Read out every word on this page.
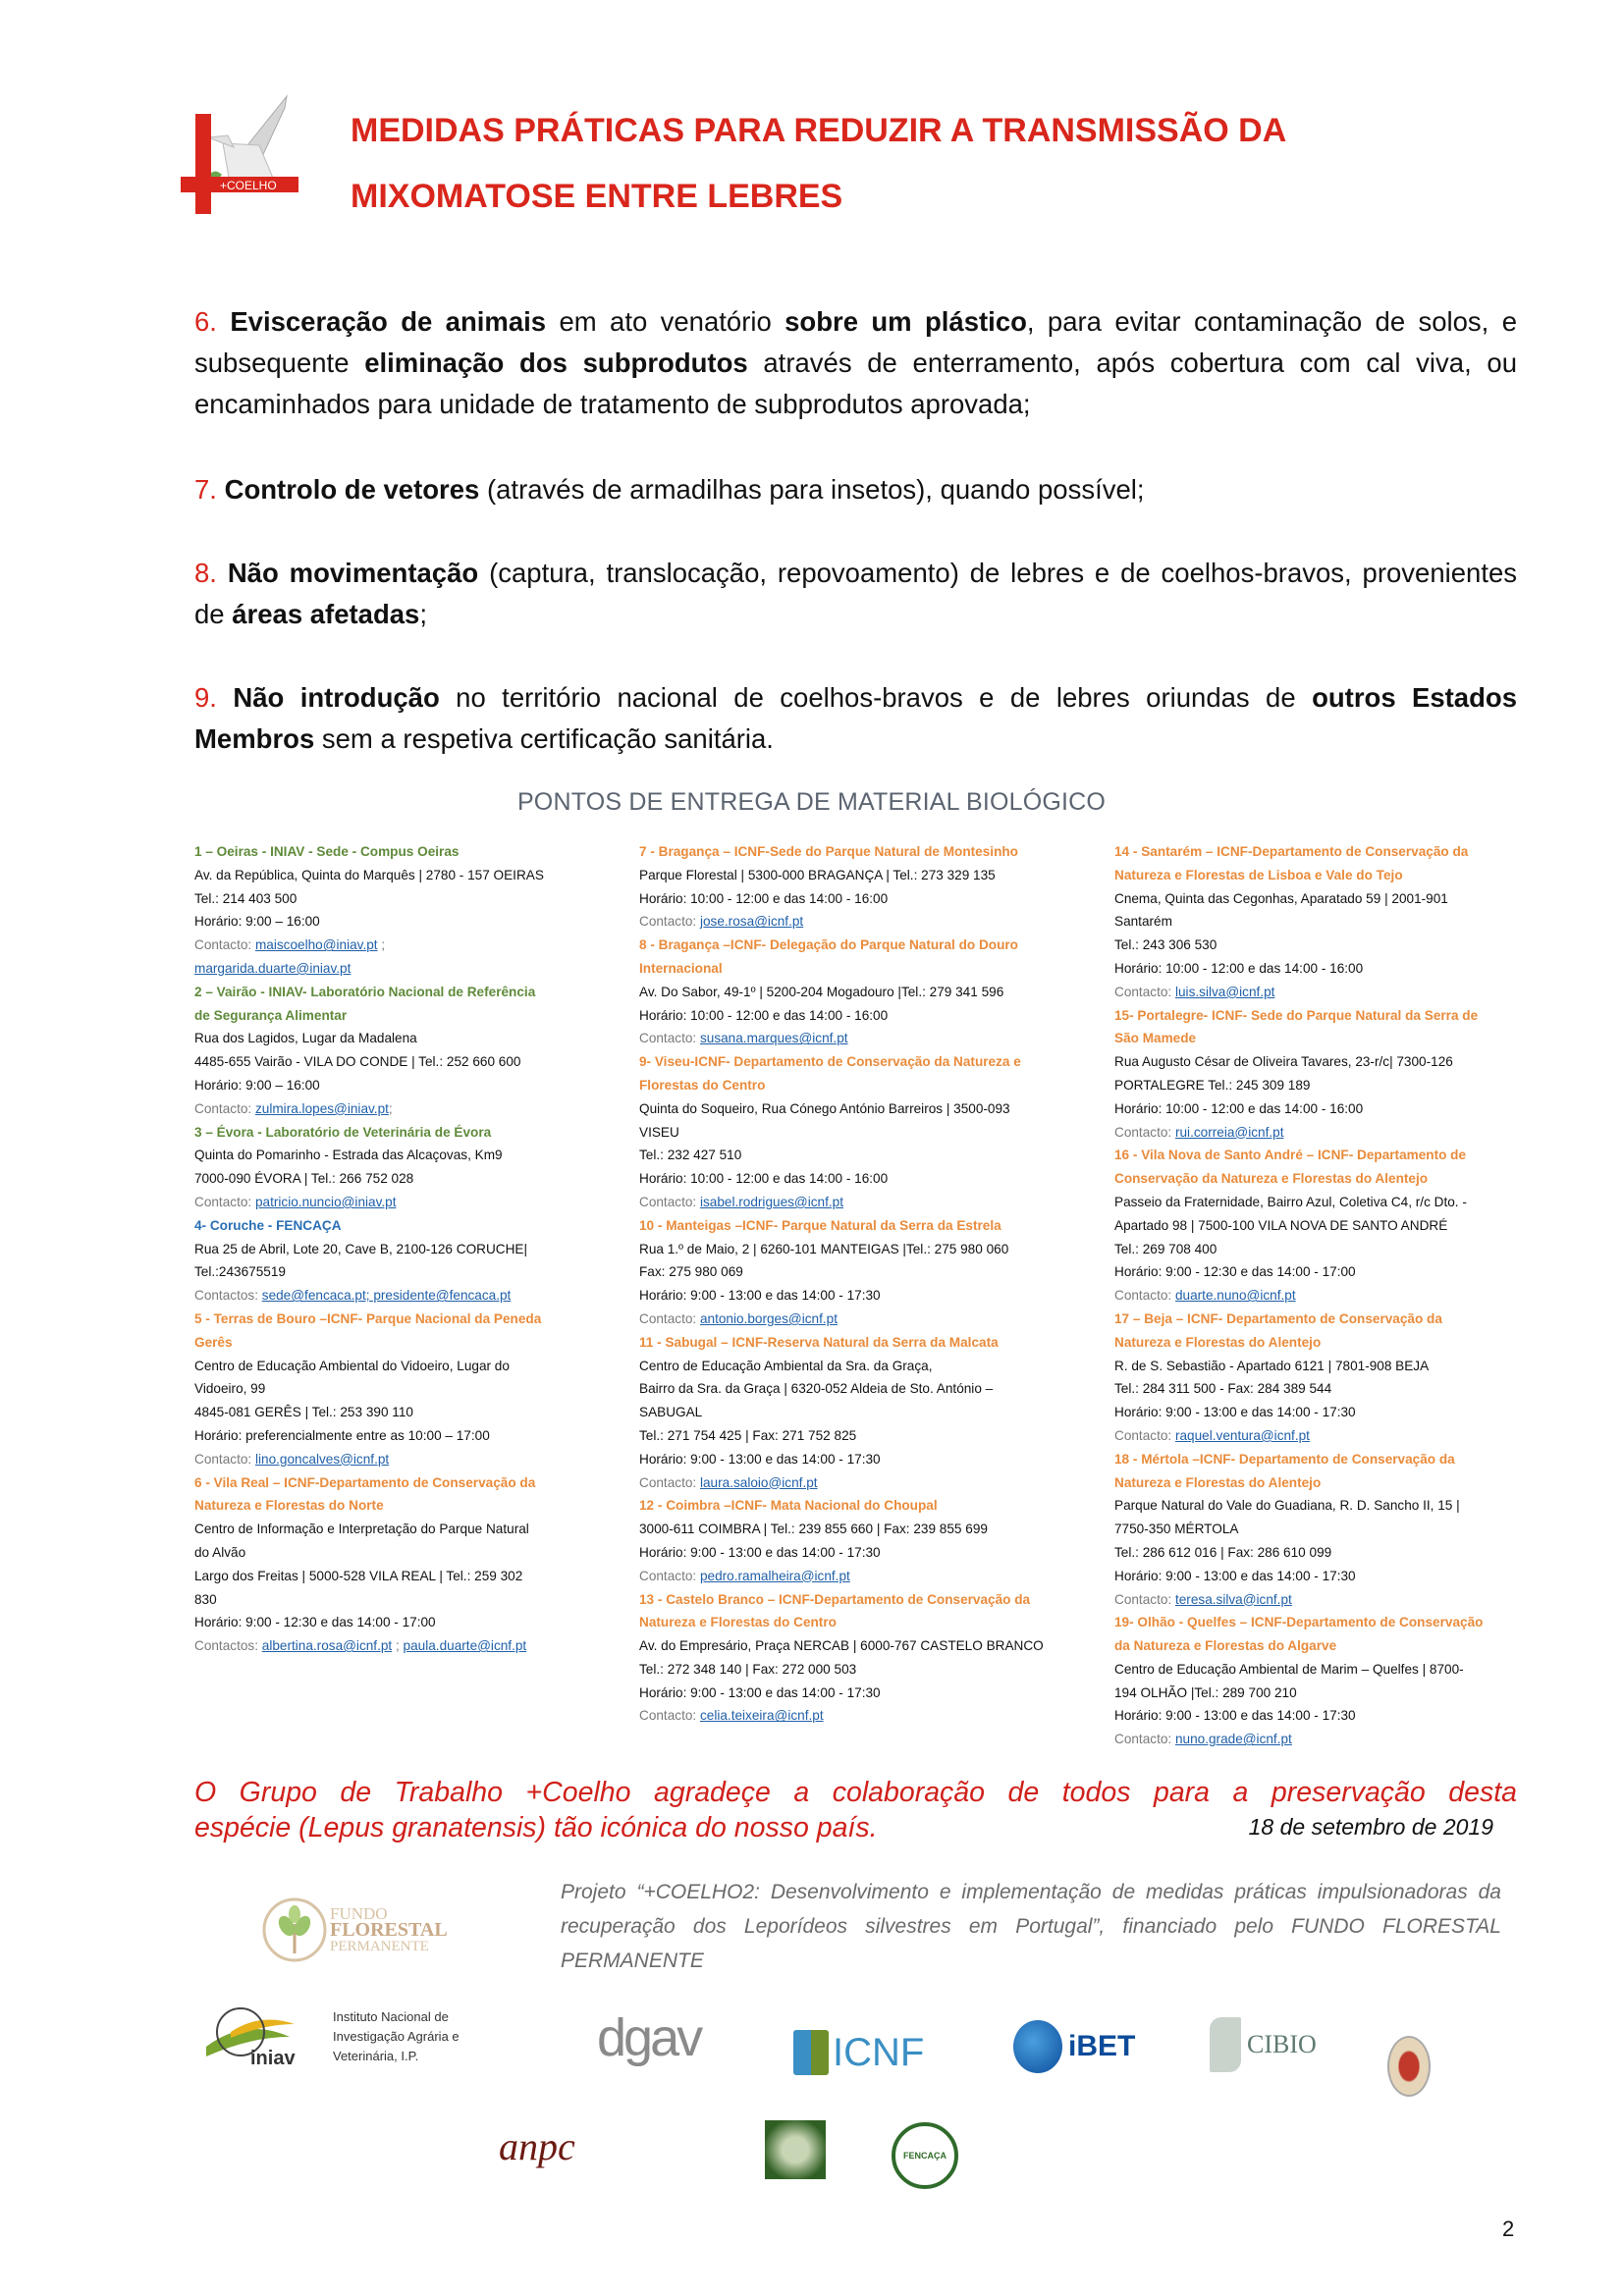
+COELHO
MEDIDAS PRÁTICAS PARA REDUZIR A TRANSMISSÃO DA
MIXOMATOSE ENTRE LEBRES
6. Evisceração de animais em ato venatório sobre um plástico, para evitar contaminação de solos, e subsequente eliminação dos subprodutos através de enterramento, após cobertura com cal viva, ou encaminhados para unidade de tratamento de subprodutos aprovada;
7. Controlo de vetores (através de armadilhas para insetos), quando possível;
8. Não movimentação (captura, translocação, repovoamento) de lebres e de coelhos-bravos, provenientes de áreas afetadas;
9. Não introdução no território nacional de coelhos-bravos e de lebres oriundas de outros Estados Membros sem a respetiva certificação sanitária.
PONTOS DE ENTREGA DE MATERIAL BIOLÓGICO
1 – Oeiras - INIAV - Sede - Compus Oeiras
Av. da República, Quinta do Marquês | 2780 - 157 OEIRAS
Tel.: 214 403 500
Horário: 9:00 – 16:00
Contacto: maiscoelho@iniav.pt ;
margarida.duarte@iniav.pt
2 – Vairão - INIAV- Laboratório Nacional de Referência
de Segurança Alimentar
Rua dos Lagidos, Lugar da Madalena
4485-655 Vairão - VILA DO CONDE | Tel.: 252 660 600
Horário: 9:00 – 16:00
Contacto: zulmira.lopes@iniav.pt;
3 – Évora - Laboratório de Veterinária de Évora
Quinta do Pomarinho - Estrada das Alcaçovas, Km9
7000-090 ÉVORA | Tel.: 266 752 028
Contacto: patricio.nuncio@iniav.pt
4- Coruche - FENCAÇA
Rua 25 de Abril, Lote 20, Cave B, 2100-126 CORUCHE|
Tel.:243675519
Contactos: sede@fencaca.pt; presidente@fencaca.pt
5 - Terras de Bouro –ICNF- Parque Nacional da Peneda
Gerês
Centro de Educação Ambiental do Vidoeiro, Lugar do
Vidoeiro, 99
4845-081 GERÊS | Tel.: 253 390 110
Horário: preferencialmente entre as 10:00 – 17:00
Contacto: lino.goncalves@icnf.pt
6 - Vila Real – ICNF-Departamento de Conservação da
Natureza e Florestas do Norte
Centro de Informação e Interpretação do Parque Natural
do Alvão
Largo dos Freitas | 5000-528 VILA REAL | Tel.: 259 302
830
Horário: 9:00 - 12:30 e das 14:00 - 17:00
Contactos: albertina.rosa@icnf.pt ; paula.duarte@icnf.pt
7 - Bragança – ICNF-Sede do Parque Natural de Montesinho
Parque Florestal | 5300-000 BRAGANÇA | Tel.: 273 329 135
Horário: 10:00 - 12:00 e das 14:00 - 16:00
Contacto: jose.rosa@icnf.pt
8 - Bragança –ICNF- Delegação do Parque Natural do Douro
Internacional
Av. Do Sabor, 49-1º | 5200-204 Mogadouro |Tel.: 279 341 596
Horário: 10:00 - 12:00 e das 14:00 - 16:00
Contacto: susana.marques@icnf.pt
9- Viseu-ICNF- Departamento de Conservação da Natureza e
Florestas do Centro
Quinta do Soqueiro, Rua Cónego António Barreiros | 3500-093
VISEU
Tel.: 232 427 510
Horário: 10:00 - 12:00 e das 14:00 - 16:00
Contacto: isabel.rodrigues@icnf.pt
10 - Manteigas –ICNF- Parque Natural da Serra da Estrela
Rua 1.º de Maio, 2 | 6260-101 MANTEIGAS |Tel.: 275 980 060
Fax: 275 980 069
Horário: 9:00 - 13:00 e das 14:00 - 17:30
Contacto: antonio.borges@icnf.pt
11 - Sabugal – ICNF-Reserva Natural da Serra da Malcata
Centro de Educação Ambiental da Sra. da Graça,
Bairro da Sra. da Graça | 6320-052 Aldeia de Sto. António –
SABUGAL
Tel.: 271 754 425 | Fax: 271 752 825
Horário: 9:00 - 13:00 e das 14:00 - 17:30
Contacto: laura.saloio@icnf.pt
12 - Coimbra –ICNF- Mata Nacional do Choupal
3000-611 COIMBRA | Tel.: 239 855 660 | Fax: 239 855 699
Horário: 9:00 - 13:00 e das 14:00 - 17:30
Contacto: pedro.ramalheira@icnf.pt
13 - Castelo Branco – ICNF-Departamento de Conservação da
Natureza e Florestas do Centro
Av. do Empresário, Praça NERCAB | 6000-767 CASTELO BRANCO
Tel.: 272 348 140 | Fax: 272 000 503
Horário: 9:00 - 13:00 e das 14:00 - 17:30
Contacto: celia.teixeira@icnf.pt
14 - Santarém – ICNF-Departamento de Conservação da
Natureza e Florestas de Lisboa e Vale do Tejo
Cnema, Quinta das Cegonhas, Aparatado 59 | 2001-901
Santarém
Tel.: 243 306 530
Horário: 10:00 - 12:00 e das 14:00 - 16:00
Contacto: luis.silva@icnf.pt
15- Portalegre- ICNF- Sede do Parque Natural da Serra de
São Mamede
Rua Augusto César de Oliveira Tavares, 23-r/c| 7300-126
PORTALEGRE Tel.: 245 309 189
Horário: 10:00 - 12:00 e das 14:00 - 16:00
Contacto: rui.correia@icnf.pt
16 - Vila Nova de Santo André – ICNF- Departamento de
Conservação da Natureza e Florestas do Alentejo
Passeio da Fraternidade, Bairro Azul, Coletiva C4, r/c Dto. -
Apartado 98 | 7500-100 VILA NOVA DE SANTO ANDRÉ
Tel.: 269 708 400
Horário: 9:00 - 12:30 e das 14:00 - 17:00
Contacto: duarte.nuno@icnf.pt
17 – Beja – ICNF- Departamento de Conservação da
Natureza e Florestas do Alentejo
R. de S. Sebastião - Apartado 6121 | 7801-908 BEJA
Tel.: 284 311 500 - Fax: 284 389 544
Horário: 9:00 - 13:00 e das 14:00 - 17:30
Contacto: raquel.ventura@icnf.pt
18 - Mértola –ICNF- Departamento de Conservação da
Natureza e Florestas do Alentejo
Parque Natural do Vale do Guadiana, R. D. Sancho II, 15 |
7750-350 MÉRTOLA
Tel.: 286 612 016 | Fax: 286 610 099
Horário: 9:00 - 13:00 e das 14:00 - 17:30
Contacto: teresa.silva@icnf.pt
19- Olhão - Quelfes – ICNF-Departamento de Conservação
da Natureza e Florestas do Algarve
Centro de Educação Ambiental de Marim – Quelfes | 8700-
194 OLHÃO |Tel.: 289 700 210
Horário: 9:00 - 13:00 e das 14:00 - 17:30
Contacto: nuno.grade@icnf.pt
O Grupo de Trabalho +Coelho agradeçe a colaboração de todos para a preservação desta
espécie (Lepus granatensis) tão icónica do nosso país.	18 de setembro de 2019
FUNDO
FLORESTAL
PERMANENTE
Projeto “+COELHO2: Desenvolvimento e implementação de medidas práticas impulsionadoras da recuperação dos Leporídeos silvestres em Portugal”, financiado pelo FUNDO FLORESTAL PERMANENTE
iniav
Instituto Nacional de
Investigação Agrária e
Veterinária, I.P.	dgav	ICNF	iBET	CIBIO
anpc	FENCAÇA
2
